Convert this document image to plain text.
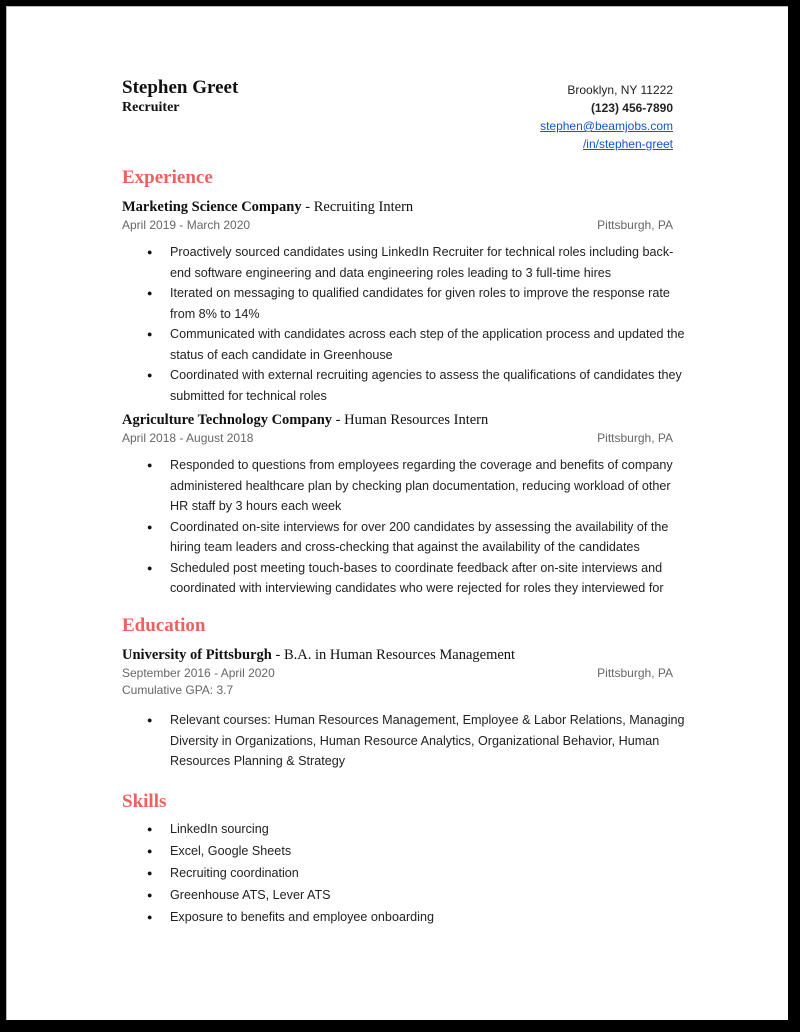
Stephen Greet
Recruiter
Brooklyn, NY 11222
(123) 456-7890
stephen@beamjobs.com
/in/stephen-greet
Experience
Marketing Science Company - Recruiting Intern
April 2019 - March 2020	Pittsburgh, PA
● Proactively sourced candidates using LinkedIn Recruiter for technical roles including back-end software engineering and data engineering roles leading to 3 full-time hires
● Iterated on messaging to qualified candidates for given roles to improve the response rate from 8% to 14%
● Communicated with candidates across each step of the application process and updated the status of each candidate in Greenhouse
● Coordinated with external recruiting agencies to assess the qualifications of candidates they submitted for technical roles
Agriculture Technology Company - Human Resources Intern
April 2018 - August 2018	Pittsburgh, PA
● Responded to questions from employees regarding the coverage and benefits of company administered healthcare plan by checking plan documentation, reducing workload of other HR staff by 3 hours each week
● Coordinated on-site interviews for over 200 candidates by assessing the availability of the hiring team leaders and cross-checking that against the availability of the candidates
● Scheduled post meeting touch-bases to coordinate feedback after on-site interviews and coordinated with interviewing candidates who were rejected for roles they interviewed for
Education
University of Pittsburgh - B.A. in Human Resources Management
September 2016 - April 2020	Pittsburgh, PA
Cumulative GPA: 3.7
● Relevant courses: Human Resources Management, Employee & Labor Relations, Managing Diversity in Organizations, Human Resource Analytics, Organizational Behavior, Human Resources Planning & Strategy
Skills
● LinkedIn sourcing
● Excel, Google Sheets
● Recruiting coordination
● Greenhouse ATS, Lever ATS
● Exposure to benefits and employee onboarding
